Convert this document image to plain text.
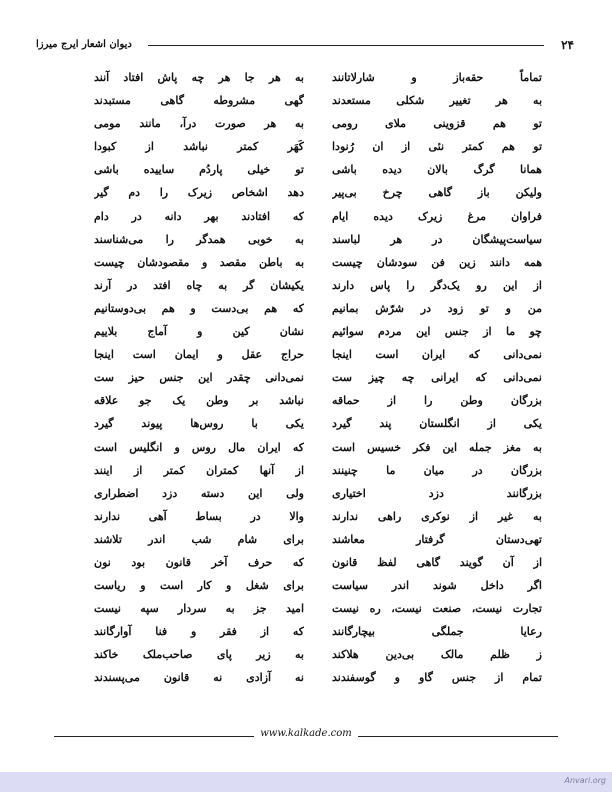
دیوان اشعار ایرج میرزا	۲۴
تماماً حقه‌باز و شارلاتانند
به هر تغییر شکلی مستعدند
تو هم قزوینی ملای رومی
تو هم کمتر نئی از ان رُنودا
همانا گرگ بالان دیده باشی
ولیکن باز گاهی چرخ بی‌پیر
فراوان مرغ زیرک دیده ایام
سیاست‌پیشگان در هر لباسند
همه دانند زین فن سودشان چیست
از این رو یک‌دگر را پاس دارند
من و تو زود در شرّش بمانیم
چو ما از جنس این مردم سوائیم
نمی‌دانی که ایران است اینجا
نمی‌دانی که ایرانی چه چیز ست
بزرگان وطن را از حماقه
یکی از انگلستان پند گیرد
به مغز جمله این فکر خسیس است
بزرگان در میان ما چنینند
بزرگانند دزد اختیاری
به غیر از نوکری راهی ندارند
تهی‌دستان گرفتار معاشند
از آن گویند گاهی لفظ قانون
اگر داخل شوند اندر سیاست
تجارت نیست، صنعت نیست، ره نیست
رعایا جملگی بیچارگانند
ز ظلم مالک بی‌دین هلاکند
تمام از جنس گاو و گوسفندند
به هر جا هر چه پاش افتاد آنند
گهی مشروطه گاهی مستبدند
به هر صورت درآ، مانند مومی
کَهَر کمتر نباشد از کبودا
تو خیلی پاردُم ساییده باشی
دهد اشخاص زیرک را دم گیر
که افتادند بهر دانه در دام
به خوبی همدگر را می‌شناسند
به باطن مقصد و مقصودشان چیست
یکیشان گر به چاه افتد در آرند
که هم بی‌دست و هم بی‌دوستانیم
نشان کین و آماج بلاییم
حراج عقل و ایمان است اینجا
نمی‌دانی چقدر این جنس حیز ست
نباشد بر وطن یک جو علاقه
یکی با روس‌ها پیوند گیرد
که ایران مال روس و انگلیس است
از آنها کمتران کمتر از اینند
ولی این دسته دزد اضطراری
والا در بساط آهی ندارند
برای شام شب اندر تلاشند
که حرف آخر قانون بود نون
برای شغل و کار است و ریاست
امید جز به سردار سپه نیست
که از فقر و فنا آوارگانند
به زیر پای صاحب‌ملک خاکند
نه آزادی نه قانون می‌پسندند
www.kalkade.com
Anvari.org
